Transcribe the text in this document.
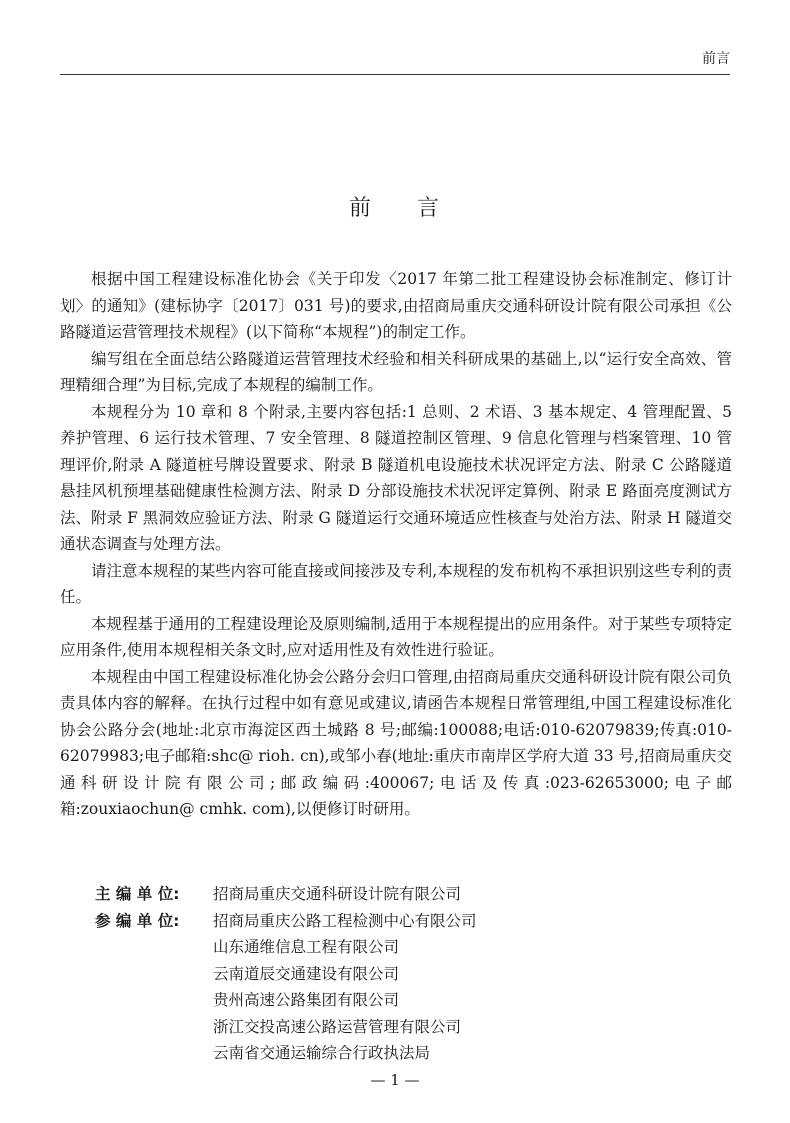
前言
前 言

根据中国工程建设标准化协会《关于印发〈2017 年第二批工程建设协会标准制定、修订计划〉的通知》(建标协字〔2017〕031 号)的要求,由招商局重庆交通科研设计院有限公司承担《公路隧道运营管理技术规程》(以下简称“本规程”)的制定工作。

编写组在全面总结公路隧道运营管理技术经验和相关科研成果的基础上,以“运行安全高效、管理精细合理”为目标,完成了本规程的编制工作。

本规程分为 10 章和 8 个附录,主要内容包括:1 总则、2 术语、3 基本规定、4 管理配置、5 养护管理、6 运行技术管理、7 安全管理、8 隧道控制区管理、9 信息化管理与档案管理、10 管理评价,附录 A 隧道桩号牌设置要求、附录 B 隧道机电设施技术状况评定方法、附录 C 公路隧道悬挂风机预埋基础健康性检测方法、附录 D 分部设施技术状况评定算例、附录 E 路面亮度测试方法、附录 F 黑洞效应验证方法、附录 G 隧道运行交通环境适应性核查与处治方法、附录 H 隧道交通状态调查与处理方法。

请注意本规程的某些内容可能直接或间接涉及专利,本规程的发布机构不承担识别这些专利的责任。

本规程基于通用的工程建设理论及原则编制,适用于本规程提出的应用条件。对于某些专项特定应用条件,使用本规程相关条文时,应对适用性及有效性进行验证。

本规程由中国工程建设标准化协会公路分会归口管理,由招商局重庆交通科研设计院有限公司负责具体内容的解释。在执行过程中如有意见或建议,请函告本规程日常管理组,中国工程建设标准化协会公路分会(地址:北京市海淀区西土城路 8 号;邮编:100088;电话:010-62079839;传真:010-62079983;电子邮箱:shc@ rioh. cn),或邹小春(地址:重庆市南岸区学府大道 33 号,招商局重庆交通科研设计院有限公司;邮政编码:400067;电话及传真:023-62653000;电子邮箱:zouxiaochun@ cmhk. com),以便修订时研用。

主 编 单 位:	招商局重庆交通科研设计院有限公司
参 编 单 位:	招商局重庆公路工程检测中心有限公司
山东通维信息工程有限公司
云南道辰交通建设有限公司
贵州高速公路集团有限公司
浙江交投高速公路运营管理有限公司
云南省交通运输综合行政执法局
— 1 —
